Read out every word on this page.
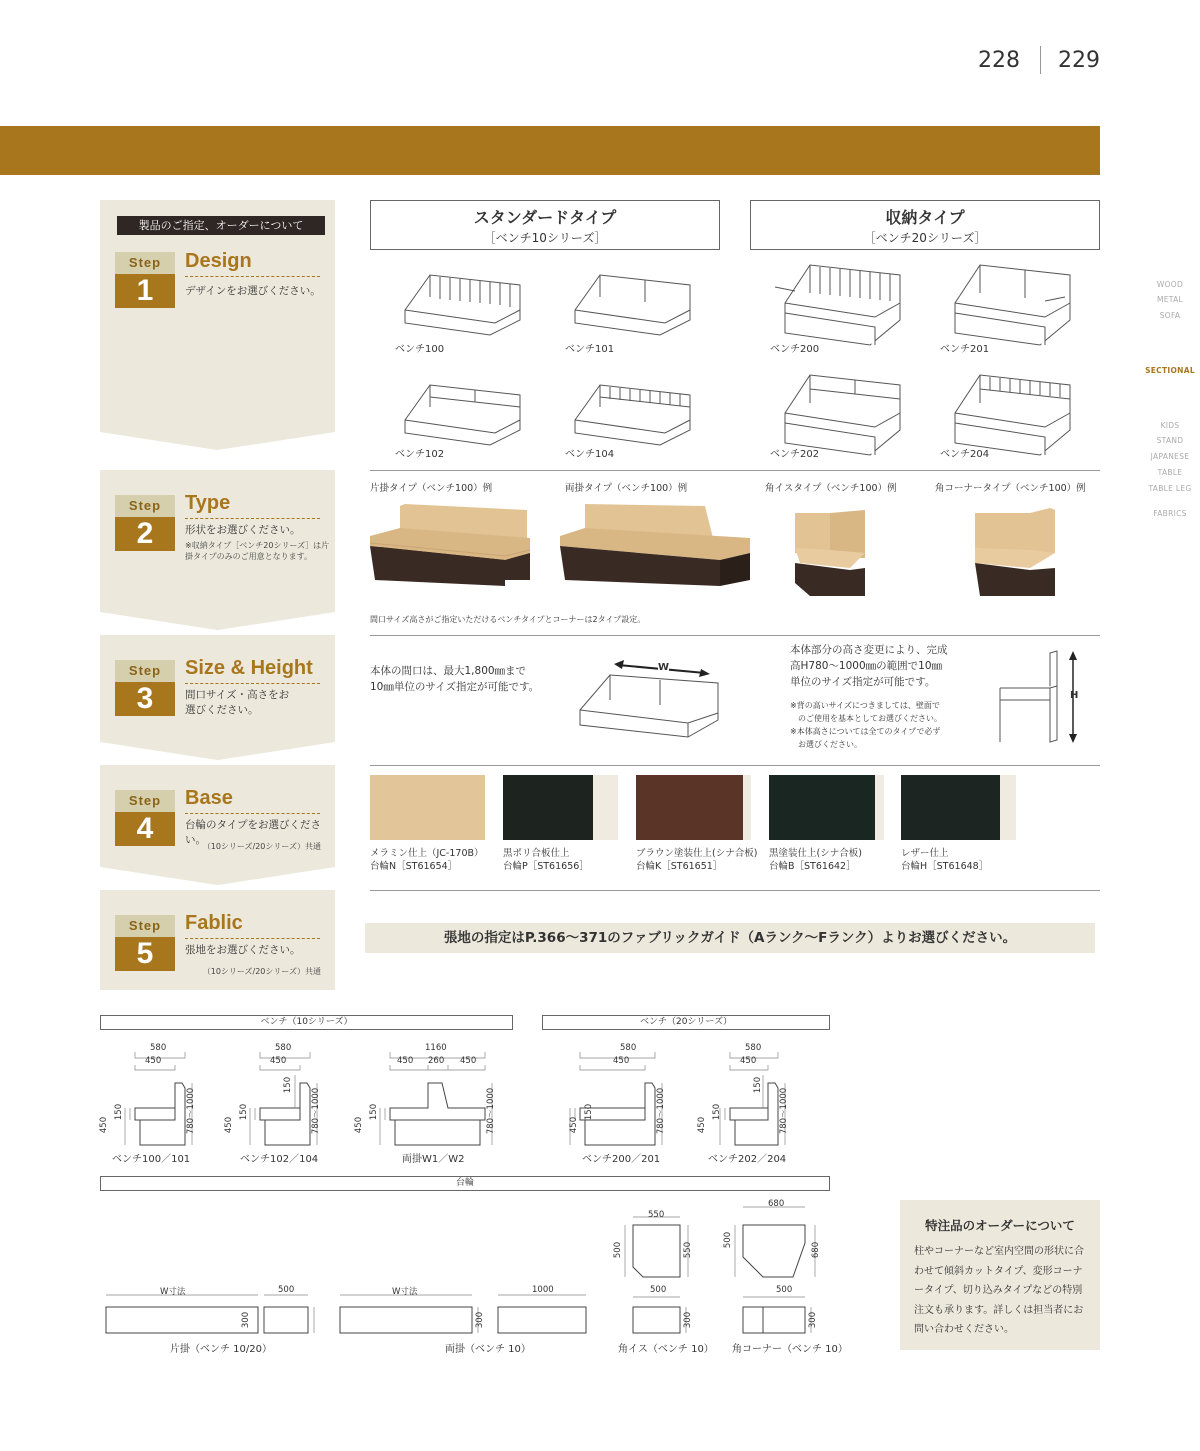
228 229
WOOD
METAL
SOFA
SECTIONAL
KIDS
STAND
JAPANESE
TABLE
TABLE LEG
FABRICS
製品のご指定、オーダーについて
Step
1
Design
デザインをお選びください。
Step
2
Type
形状をお選びください。
※収納タイプ［ベンチ20シリーズ］は片掛タイプのみのご用意となります。
Step
3
Size & Height
間口サイズ・高さをお選びください。
Step
4
Base
台輪のタイプをお選びください。
（10シリーズ/20シリーズ）共通
Step
5
Fablic
張地をお選びください。
（10シリーズ/20シリーズ）共通
スタンダードタイプ
［ベンチ10シリーズ］
収納タイプ
［ベンチ20シリーズ］
ベンチ100	ベンチ101	ベンチ200	ベンチ201
ベンチ102	ベンチ104	ベンチ202	ベンチ204
片掛タイプ（ベンチ100）例	両掛タイプ（ベンチ100）例	角イスタイプ（ベンチ100）例	角コーナータイプ（ベンチ100）例
間口サイズ高さがご指定いただけるベンチタイプとコーナーは2タイプ設定。
本体の間口は、最大1,800㎜まで
10㎜単位のサイズ指定が可能です。
W
本体部分の高さ変更により、完成
高H780～1000㎜の範囲で10㎜
単位のサイズ指定が可能です。
※背の高いサイズにつきましては、壁面で
　のご使用を基本としてお選びください。
※本体高さについては全てのタイプで必ず
　お選びください。
H
メラミン仕上（JC-170B）
台輪N［ST61654］
黒ポリ合板仕上
台輪P［ST61656］
ブラウン塗装仕上(シナ合板)
台輪K［ST61651］
黒塗装仕上(シナ合板)
台輪B［ST61642］
レザー仕上
台輪H［ST61648］
張地の指定はP.366～371のファブリックガイド（Aランク～Fランク）よりお選びください。
ベンチ（10シリーズ）	ベンチ（20シリーズ）
台輪
580
450
580
450
1160
450 260 450
580
450
580
450
450
150	780～1000	450
150
150
780～1000	450
150	780～1000	450
150	780～1000	450
150
150
780～1000
ベンチ100／101	ベンチ102／104	両掛W1／W2	ベンチ200／201	ベンチ202／204
W寸法	500	W寸法	1000
550
680
500	500
500	550
500
680
300	300	300	300
片掛（ベンチ 10/20）	両掛（ベンチ 10）	角イス（ベンチ 10） 角コーナー（ベンチ 10）
特注品のオーダーについて
柱やコーナーなど室内空間の形状に合わせて傾斜カットタイプ、変形コーナータイプ、切り込みタイプなどの特別注文も承ります。詳しくは担当者にお問い合わせください。
